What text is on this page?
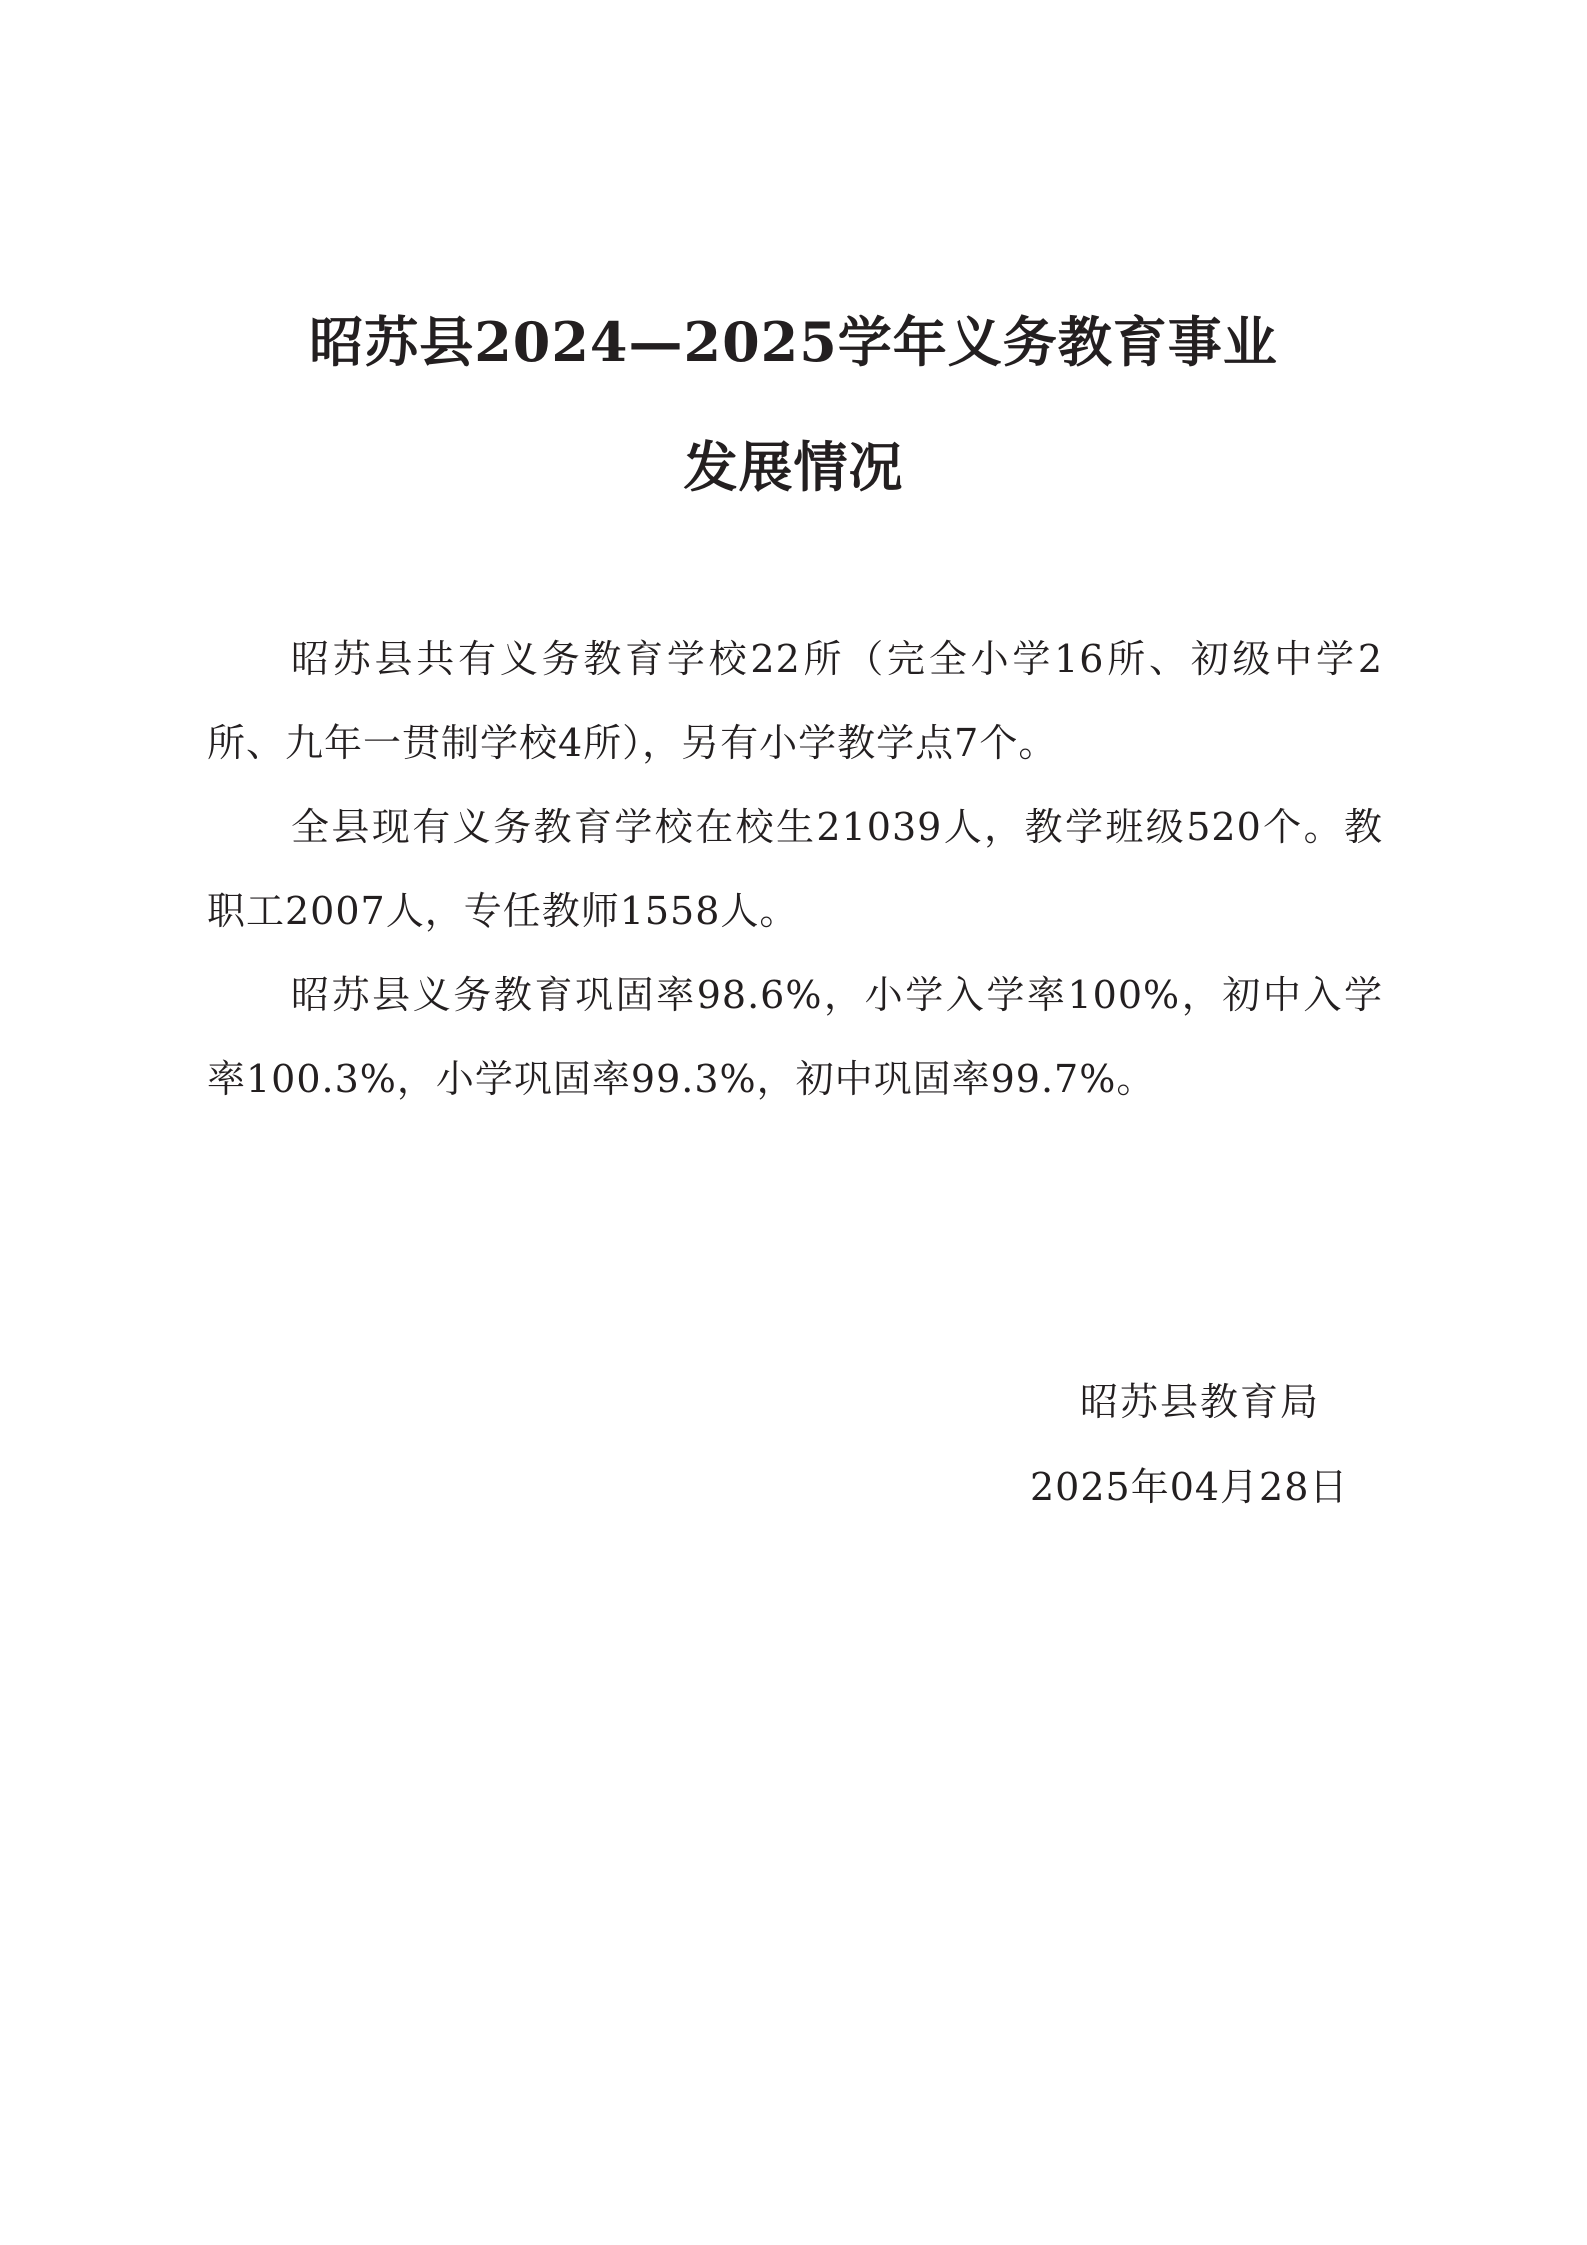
昭苏县2024—2025学年义务教育事业
发展情况

昭苏县共有义务教育学校22所（完全小学16所、初级中学2所、九年一贯制学校4所），另有小学教学点7个。

全县现有义务教育学校在校生21039人，教学班级520个。教职工2007人，专任教师1558人。

昭苏县义务教育巩固率98.6%，小学入学率100%，初中入学率100.3%，小学巩固率99.3%，初中巩固率99.7%。

昭苏县教育局
2025年04月28日
